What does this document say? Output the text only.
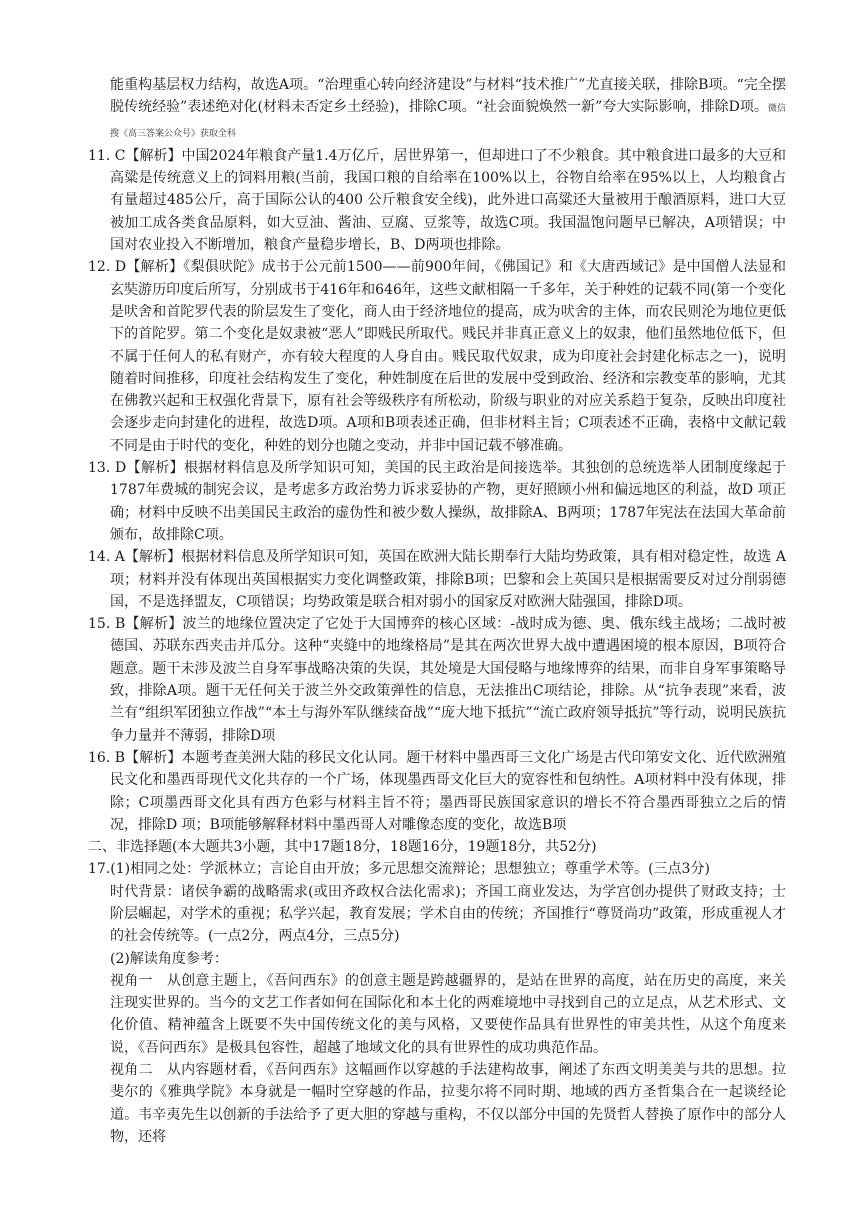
能重构基层权力结构，故选A项。“治理重心转向经济建设”与材料“技术推广”尤直接关联，排除B项。“完全摆脱传统经验”表述绝对化(材料未否定乡土经验)，排除C项。“社会面貌焕然一新”夸大实际影响，排除D项。微信搜《高三答案公众号》获取全科

11. C【解析】中国2024年粮食产量1.4万亿斤，居世界第一，但却进口了不少粮食。其中粮食进口最多的大豆和高粱是传统意义上的饲料用粮(当前，我国口粮的自给率在100%以上，谷物自给率在95%以上，人均粮食占有量超过485公斤，高于国际公认的400 公斤粮食安全线)，此外进口高粱还大量被用于酿酒原料，进口大豆被加工成各类食品原料，如大豆油、酱油、豆腐、豆浆等，故选C项。我国温饱问题早已解决，A项错误；中国对农业投入不断增加，粮食产量稳步增长，B、D两项也排除。

12. D【解析】《梨俱吠陀》成书于公元前1500——前900年间，《佛国记》和《大唐西域记》是中国僧人法显和玄奘游历印度后所写，分别成书于416年和646年，这些文献相隔一千多年，关于种姓的记载不同(第一个变化是吠舍和首陀罗代表的阶层发生了变化，商人由于经济地位的提高，成为吠舍的主体，而农民则沦为地位更低下的首陀罗。第二个变化是奴隶被“恶人”即贱民所取代。贱民并非真正意义上的奴隶，他们虽然地位低下，但不属于任何人的私有财产，亦有较大程度的人身自由。贱民取代奴隶，成为印度社会封建化标志之一)，说明随着时间推移，印度社会结构发生了变化，种姓制度在后世的发展中受到政治、经济和宗教变革的影响，尤其在佛教兴起和王权强化背景下，原有社会等级秩序有所松动，阶级与职业的对应关系趋于复杂，反映出印度社会逐步走向封建化的进程，故选D项。A项和B项表述正确，但非材料主旨；C项表述不正确，表格中文献记载不同是由于时代的变化，种姓的划分也随之变动，并非中国记载不够准确。

13. D【解析】根据材料信息及所学知识可知，美国的民主政治是间接选举。其独创的总统选举人团制度缘起于1787年费城的制宪会议，是考虑多方政治势力诉求妥协的产物，更好照顾小州和偏远地区的利益，故D 项正确；材料中反映不出美国民主政治的虚伪性和被少数人操纵，故排除A、B两项；1787年宪法在法国大革命前颁布，故排除C项。

14. A【解析】根据材料信息及所学知识可知，英国在欧洲大陆长期奉行大陆均势政策，具有相对稳定性，故选 A项；材料并没有体现出英国根据实力变化调整政策，排除B项；巴黎和会上英国只是根据需要反对过分削弱德国，不是选择盟友，C项错误；均势政策是联合相对弱小的国家反对欧洲大陆强国，排除D项。

15. B【解析】波兰的地缘位置决定了它处于大国博弈的核心区域：-战时成为德、奥、俄东线主战场；二战时被德国、苏联东西夹击并瓜分。这种“夹缝中的地缘格局”是其在两次世界大战中遭遇困境的根本原因，B项符合题意。题干未涉及波兰自身军事战略决策的失误，其处境是大国侵略与地缘博弈的结果，而非自身军事策略导致，排除A项。题干无任何关于波兰外交政策弹性的信息，无法推出C项结论，排除。从“抗争表现”来看，波兰有“组织军团独立作战”“本土与海外军队继续奋战”“庞大地下抵抗”“流亡政府领导抵抗”等行动，说明民族抗争力量并不薄弱，排除D项

16. B【解析】本题考查美洲大陆的移民文化认同。题干材料中墨西哥三文化广场是古代印第安文化、近代欧洲殖民文化和墨西哥现代文化共存的一个广场，体现墨西哥文化巨大的宽容性和包纳性。A项材料中没有体现，排除；C项墨西哥文化具有西方色彩与材料主旨不符；墨西哥民族国家意识的增长不符合墨西哥独立之后的情况，排除D 项；B项能够解释材料中墨西哥人对雕像态度的变化，故选B项

二、非选择题(本大题共3小题，其中17题18分，18题16分，19题18分，共52分)

17.(1)相同之处：学派林立；言论自由开放；多元思想交流辩论；思想独立；尊重学术等。(三点3分)

时代背景：诸侯争霸的战略需求(或田齐政权合法化需求)；齐国工商业发达，为学宫创办提供了财政支持；士阶层崛起，对学术的重视；私学兴起，教育发展；学术自由的传统；齐国推行“尊贤尚功”政策，形成重视人才的社会传统等。(一点2分，两点4分，三点5分)

(2)解读角度参考：

视角一　从创意主题上，《吾问西东》的创意主题是跨越疆界的，是站在世界的高度，站在历史的高度，来关注现实世界的。当今的文艺工作者如何在国际化和本土化的两难境地中寻找到自己的立足点，从艺术形式、文化价值、精神蕴含上既要不失中国传统文化的美与风格，又要使作品具有世界性的审美共性，从这个角度来说，《吾问西东》是极具包容性，超越了地域文化的具有世界性的成功典范作品。

视角二　从内容题材看，《吾问西东》这幅画作以穿越的手法建构故事，阐述了东西文明美美与共的思想。拉斐尔的《雅典学院》本身就是一幅时空穿越的作品，拉斐尔将不同时期、地域的西方圣哲集合在一起谈经论道。韦辛夷先生以创新的手法给予了更大胆的穿越与重构，不仅以部分中国的先贤哲人替换了原作中的部分人物，还将
